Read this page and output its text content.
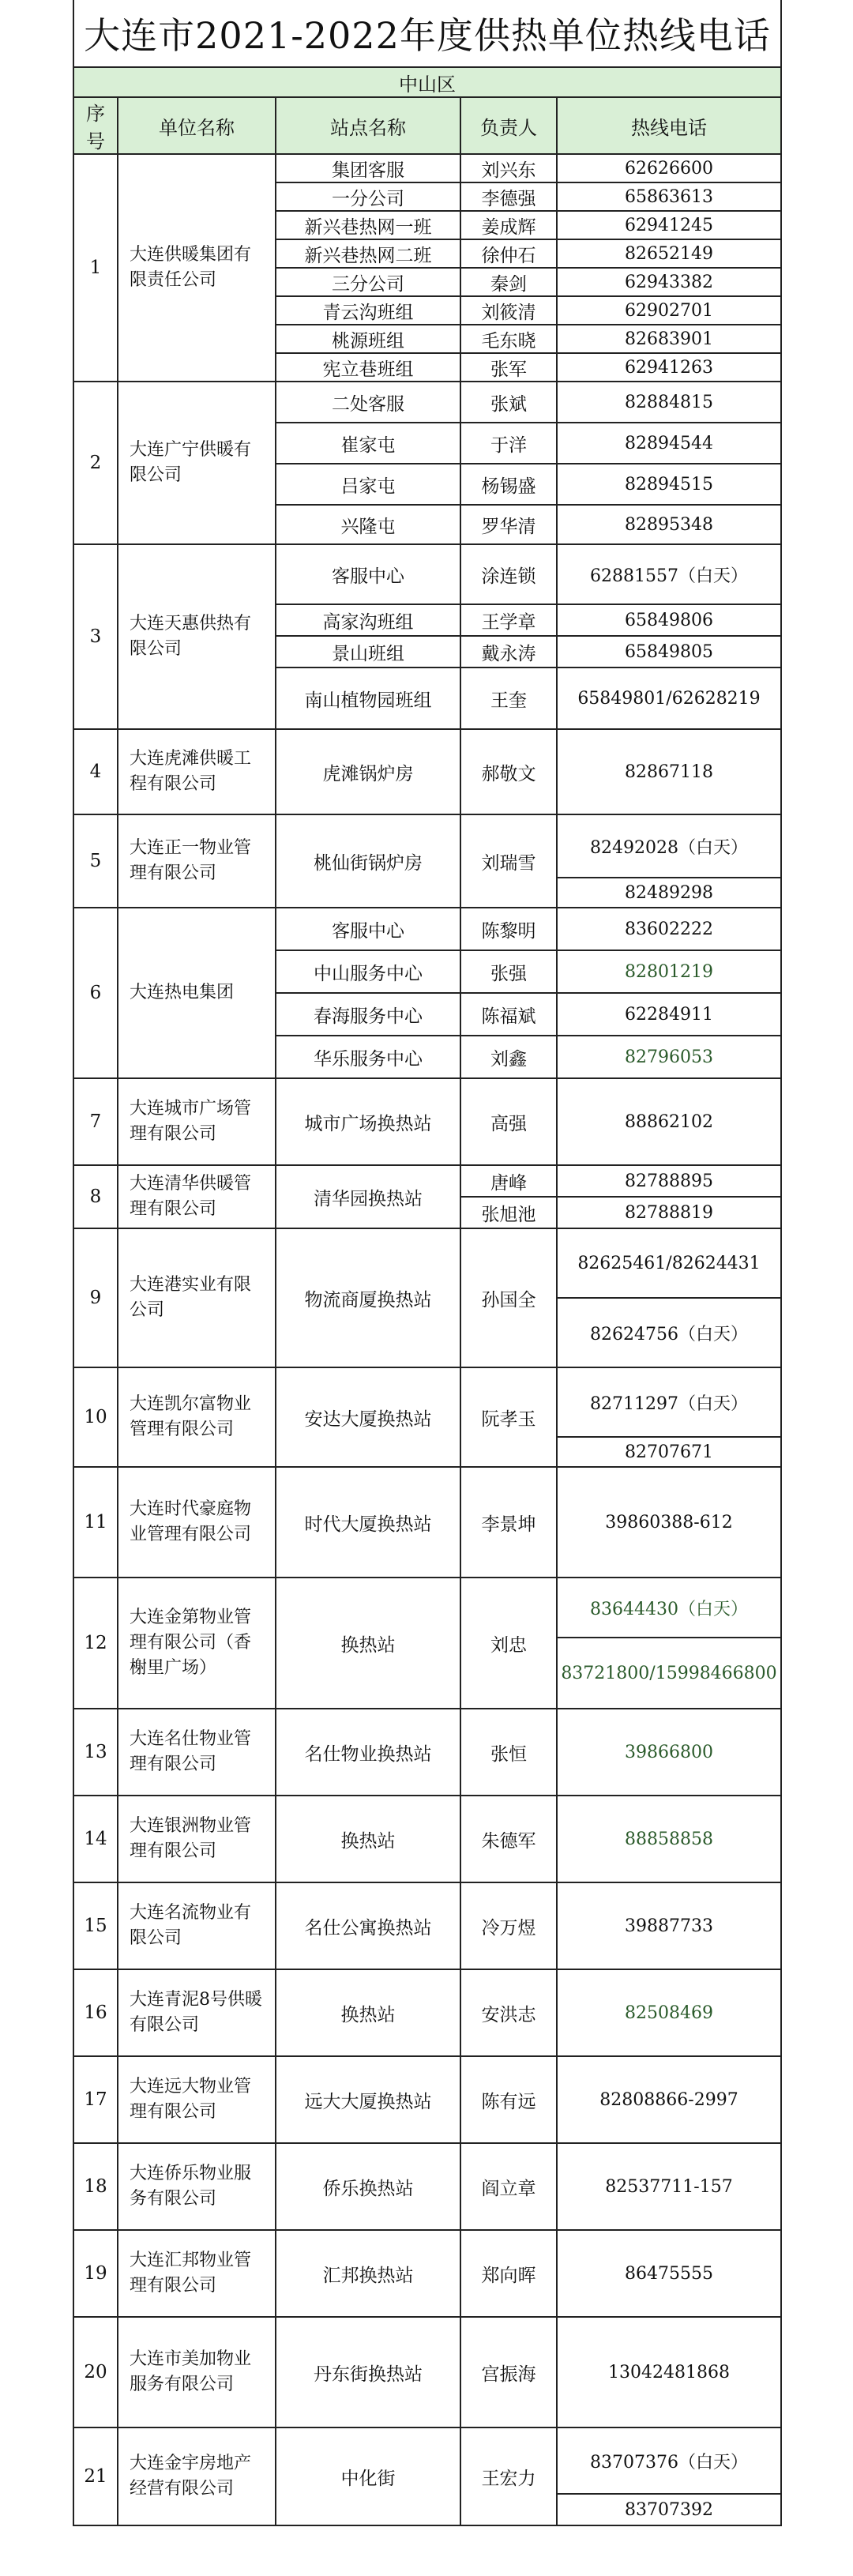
大连市2021-2022年度供热单位热线电话				
中山区				
序号	单位名称	站点名称	负责人	热线电话
1	大连供暖集团有限责任公司	集团客服	刘兴东	62626600
		一分公司	李德强	65863613
		新兴巷热网一班	姜成辉	62941245
		新兴巷热网二班	徐仲石	82652149
		三分公司	秦剑	62943382
		青云沟班组	刘筱清	62902701
		桃源班组	毛东晓	82683901
		宪立巷班组	张军	62941263
2	大连广宁供暖有限公司	二处客服	张斌	82884815
		崔家屯	于洋	82894544
		吕家屯	杨锡盛	82894515
		兴隆屯	罗华清	82895348
3	大连天惠供热有限公司	客服中心	涂连锁	62881557（白天）
		高家沟班组	王学章	65849806
		景山班组	戴永涛	65849805
		南山植物园班组	王奎	65849801/62628219
4	大连虎滩供暖工程有限公司	虎滩锅炉房	郝敬文	82867118
5	大连正一物业管理有限公司	桃仙街锅炉房	刘瑞雪	82492028（白天）
				82489298
6	大连热电集团	客服中心	陈黎明	83602222
		中山服务中心	张强	82801219
		春海服务中心	陈福斌	62284911
		华乐服务中心	刘鑫	82796053
7	大连城市广场管理有限公司	城市广场换热站	高强	88862102
8	大连清华供暖管理有限公司	清华园换热站	唐峰	82788895
			张旭池	82788819
9	大连港实业有限公司	物流商厦换热站	孙国全	82625461/82624431
				82624756（白天）
10	大连凯尔富物业管理有限公司	安达大厦换热站	阮孝玉	82711297（白天）
				82707671
11	大连时代豪庭物业管理有限公司	时代大厦换热站	李景坤	39860388-612
12	大连金第物业管理有限公司（香榭里广场）	换热站	刘忠	83644430（白天）
				83721800/15998466800
13	大连名仕物业管理有限公司	名仕物业换热站	张恒	39866800
14	大连银洲物业管理有限公司	换热站	朱德军	88858858
15	大连名流物业有限公司	名仕公寓换热站	冷万煜	39887733
16	大连青泥8号供暖有限公司	换热站	安洪志	82508469
17	大连远大物业管理有限公司	远大大厦换热站	陈有远	82808866-2997
18	大连侨乐物业服务有限公司	侨乐换热站	阎立章	82537711-157
19	大连汇邦物业管理有限公司	汇邦换热站	郑向晖	86475555
20	大连市美加物业服务有限公司	丹东街换热站	宫振海	13042481868
21	大连金宇房地产经营有限公司	中化街	王宏力	83707376（白天）
				83707392
